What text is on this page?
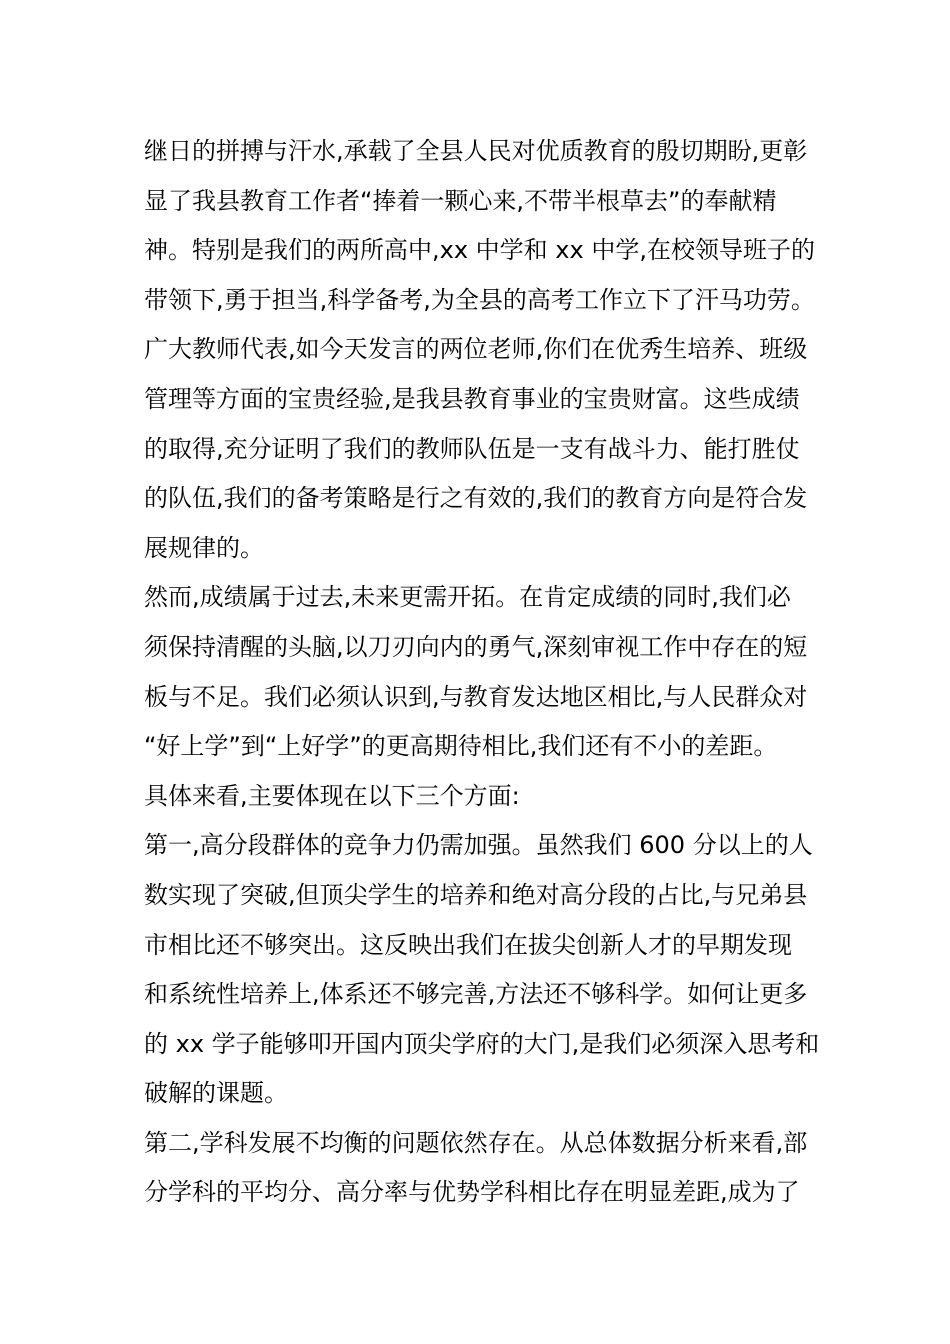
继日的拼搏与汗水,承载了全县人民对优质教育的殷切期盼,更彰
显了我县教育工作者“捧着一颗心来,不带半根草去”的奉献精
神。特别是我们的两所高中,xx 中学和 xx 中学,在校领导班子的
带领下,勇于担当,科学备考,为全县的高考工作立下了汗马功劳。
广大教师代表,如今天发言的两位老师,你们在优秀生培养、班级
管理等方面的宝贵经验,是我县教育事业的宝贵财富。这些成绩
的取得,充分证明了我们的教师队伍是一支有战斗力、能打胜仗
的队伍,我们的备考策略是行之有效的,我们的教育方向是符合发
展规律的。
然而,成绩属于过去,未来更需开拓。在肯定成绩的同时,我们必
须保持清醒的头脑,以刀刃向内的勇气,深刻审视工作中存在的短
板与不足。我们必须认识到,与教育发达地区相比,与人民群众对
“好上学”到“上好学”的更高期待相比,我们还有不小的差距。
具体来看,主要体现在以下三个方面:
第一,高分段群体的竞争力仍需加强。虽然我们 600 分以上的人
数实现了突破,但顶尖学生的培养和绝对高分段的占比,与兄弟县
市相比还不够突出。这反映出我们在拔尖创新人才的早期发现
和系统性培养上,体系还不够完善,方法还不够科学。如何让更多
的 xx 学子能够叩开国内顶尖学府的大门,是我们必须深入思考和
破解的课题。
第二,学科发展不均衡的问题依然存在。从总体数据分析来看,部
分学科的平均分、高分率与优势学科相比存在明显差距,成为了
